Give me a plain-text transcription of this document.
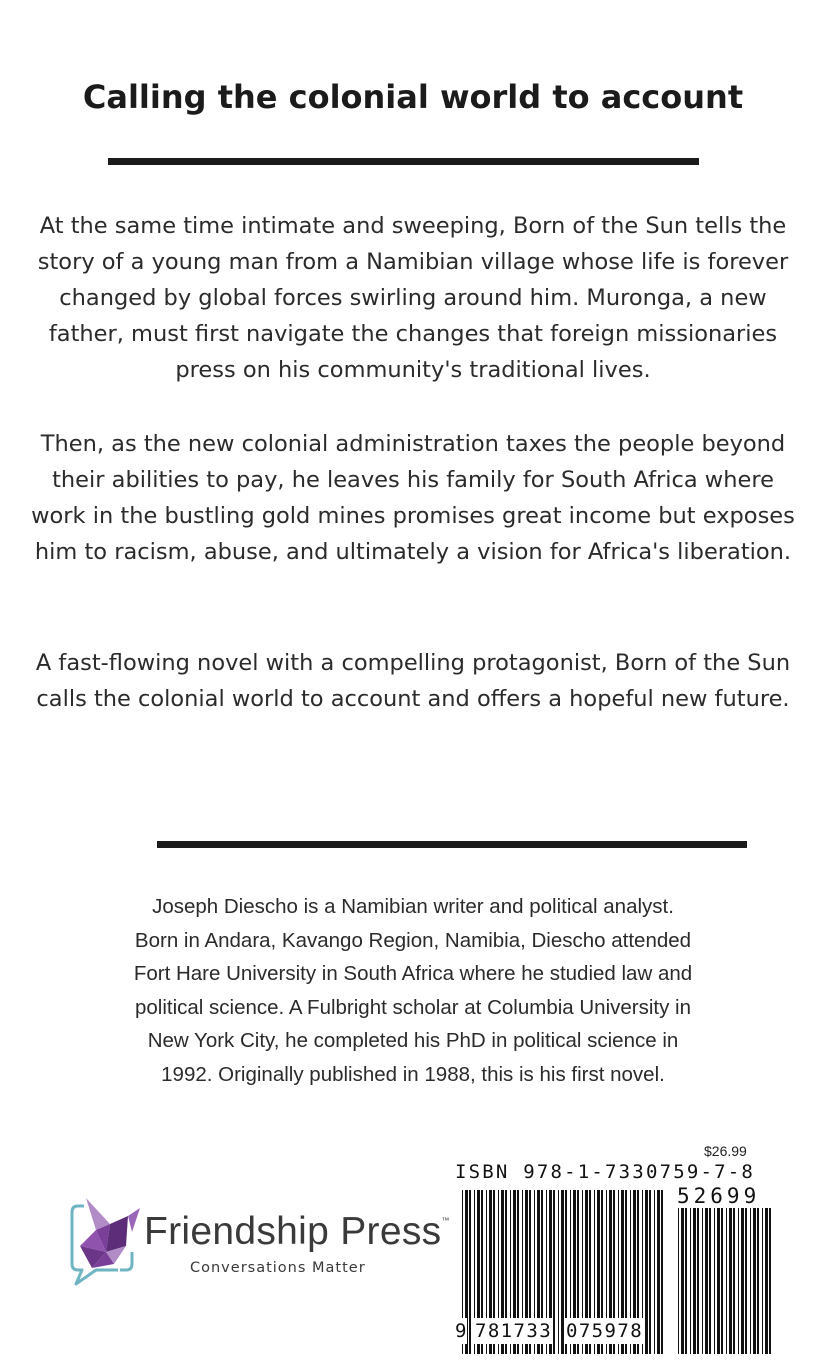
Calling the colonial world to account

At the same time intimate and sweeping, Born of the Sun tells the story of a young man from a Namibian village whose life is forever changed by global forces swirling around him. Muronga, a new father, must first navigate the changes that foreign missionaries press on his community's traditional lives.

Then, as the new colonial administration taxes the people beyond their abilities to pay, he leaves his family for South Africa where work in the bustling gold mines promises great income but exposes him to racism, abuse, and ultimately a vision for Africa's liberation.

A fast-flowing novel with a compelling protagonist, Born of the Sun calls the colonial world to account and offers a hopeful new future.

Joseph Diescho is a Namibian writer and political analyst. Born in Andara, Kavango Region, Namibia, Diescho attended Fort Hare University in South Africa where he studied law and political science. A Fulbright scholar at Columbia University in New York City, he completed his PhD in political science in 1992. Originally published in 1988, this is his first novel.

Friendship Press™
Conversations Matter
$26.99
ISBN 978-1-7330759-7-8
52699
9 781733 075978
